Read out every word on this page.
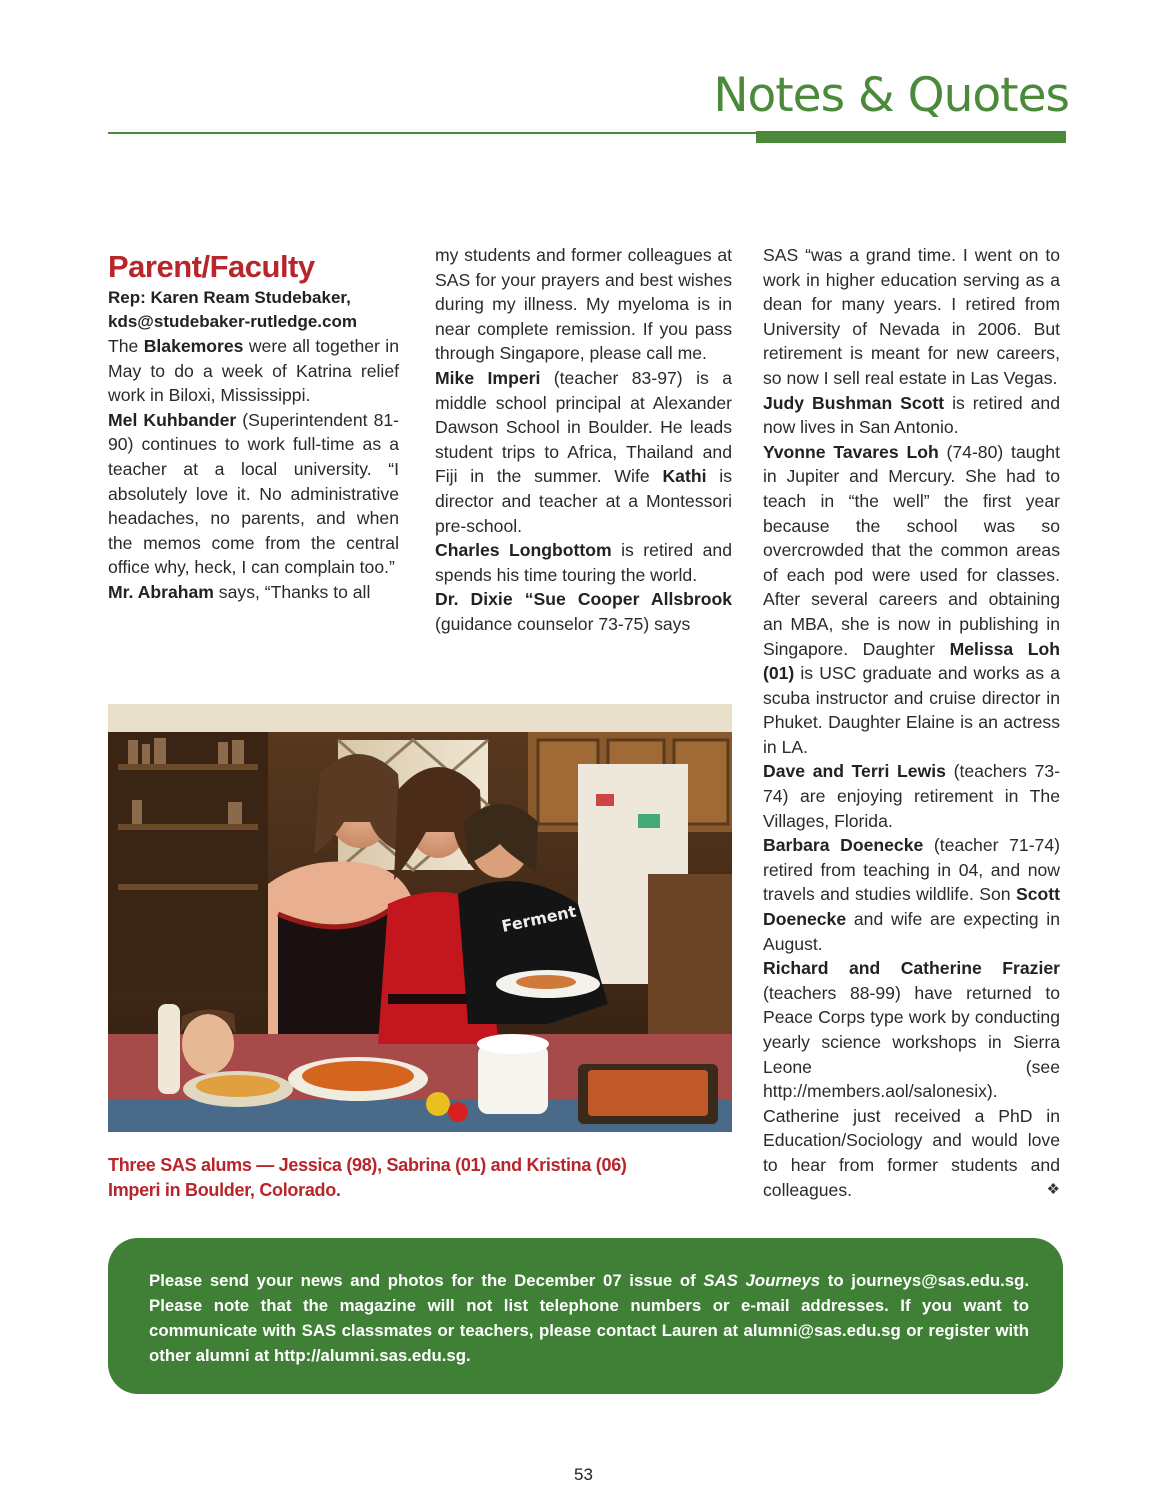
Notes & Quotes
Parent/Faculty

Rep: Karen Ream Studebaker,
kds@studebaker-rutledge.com

The Blakemores were all together in May to do a week of Katrina relief work in Biloxi, Mississippi.

Mel Kuhbander (Superintendent 81-90) continues to work full-time as a teacher at a local university. “I absolutely love it. No administrative headaches, no parents, and when the memos come from the central office why, heck, I can complain too.”

Mr. Abraham says, “Thanks to all

my students and former colleagues at SAS for your prayers and best wishes during my illness. My myeloma is in near complete remission. If you pass through Singapore, please call me.

Mike Imperi (teacher 83-97) is a middle school principal at Alexander Dawson School in Boulder. He leads student trips to Africa, Thailand and Fiji in the summer. Wife Kathi is director and teacher at a Montessori pre-school.

Charles Longbottom is retired and spends his time touring the world.

Dr. Dixie “Sue Cooper Allsbrook (guidance counselor 73-75) says

SAS “was a grand time. I went on to work in higher education serving as a dean for many years. I retired from University of Nevada in 2006. But retirement is meant for new careers, so now I sell real estate in Las Vegas.

Judy Bushman Scott is retired and now lives in San Antonio.

Yvonne Tavares Loh (74-80) taught in Jupiter and Mercury. She had to teach in “the well” the first year because the school was so overcrowded that the common areas of each pod were used for classes. After several careers and obtaining an MBA, she is now in publishing in Singapore. Daughter Melissa Loh (01) is USC graduate and works as a scuba instructor and cruise director in Phuket. Daughter Elaine is an actress in LA.

Dave and Terri Lewis (teachers 73-74) are enjoying retirement in The Villages, Florida.

Barbara Doenecke (teacher 71-74) retired from teaching in 04, and now travels and studies wildlife. Son Scott Doenecke and wife are expecting in August.

Richard and Catherine Frazier (teachers 88-99) have returned to Peace Corps type work by conducting yearly science workshops in Sierra Leone (see http://members.aol/salonesix). Catherine just received a PhD in Education/Sociology and would love to hear from former students and colleagues.	❖

Ferment
Three SAS alums — Jessica (98), Sabrina (01) and Kristina (06)
Imperi in Boulder, Colorado.

Please send your news and photos for the December 07 issue of SAS Journeys to journeys@sas.edu.sg. Please note that the magazine will not list telephone numbers or e-mail addresses. If you want to communicate with SAS classmates or teachers, please contact Lauren at alumni@sas.edu.sg or register with other alumni at http://alumni.sas.edu.sg.

53
